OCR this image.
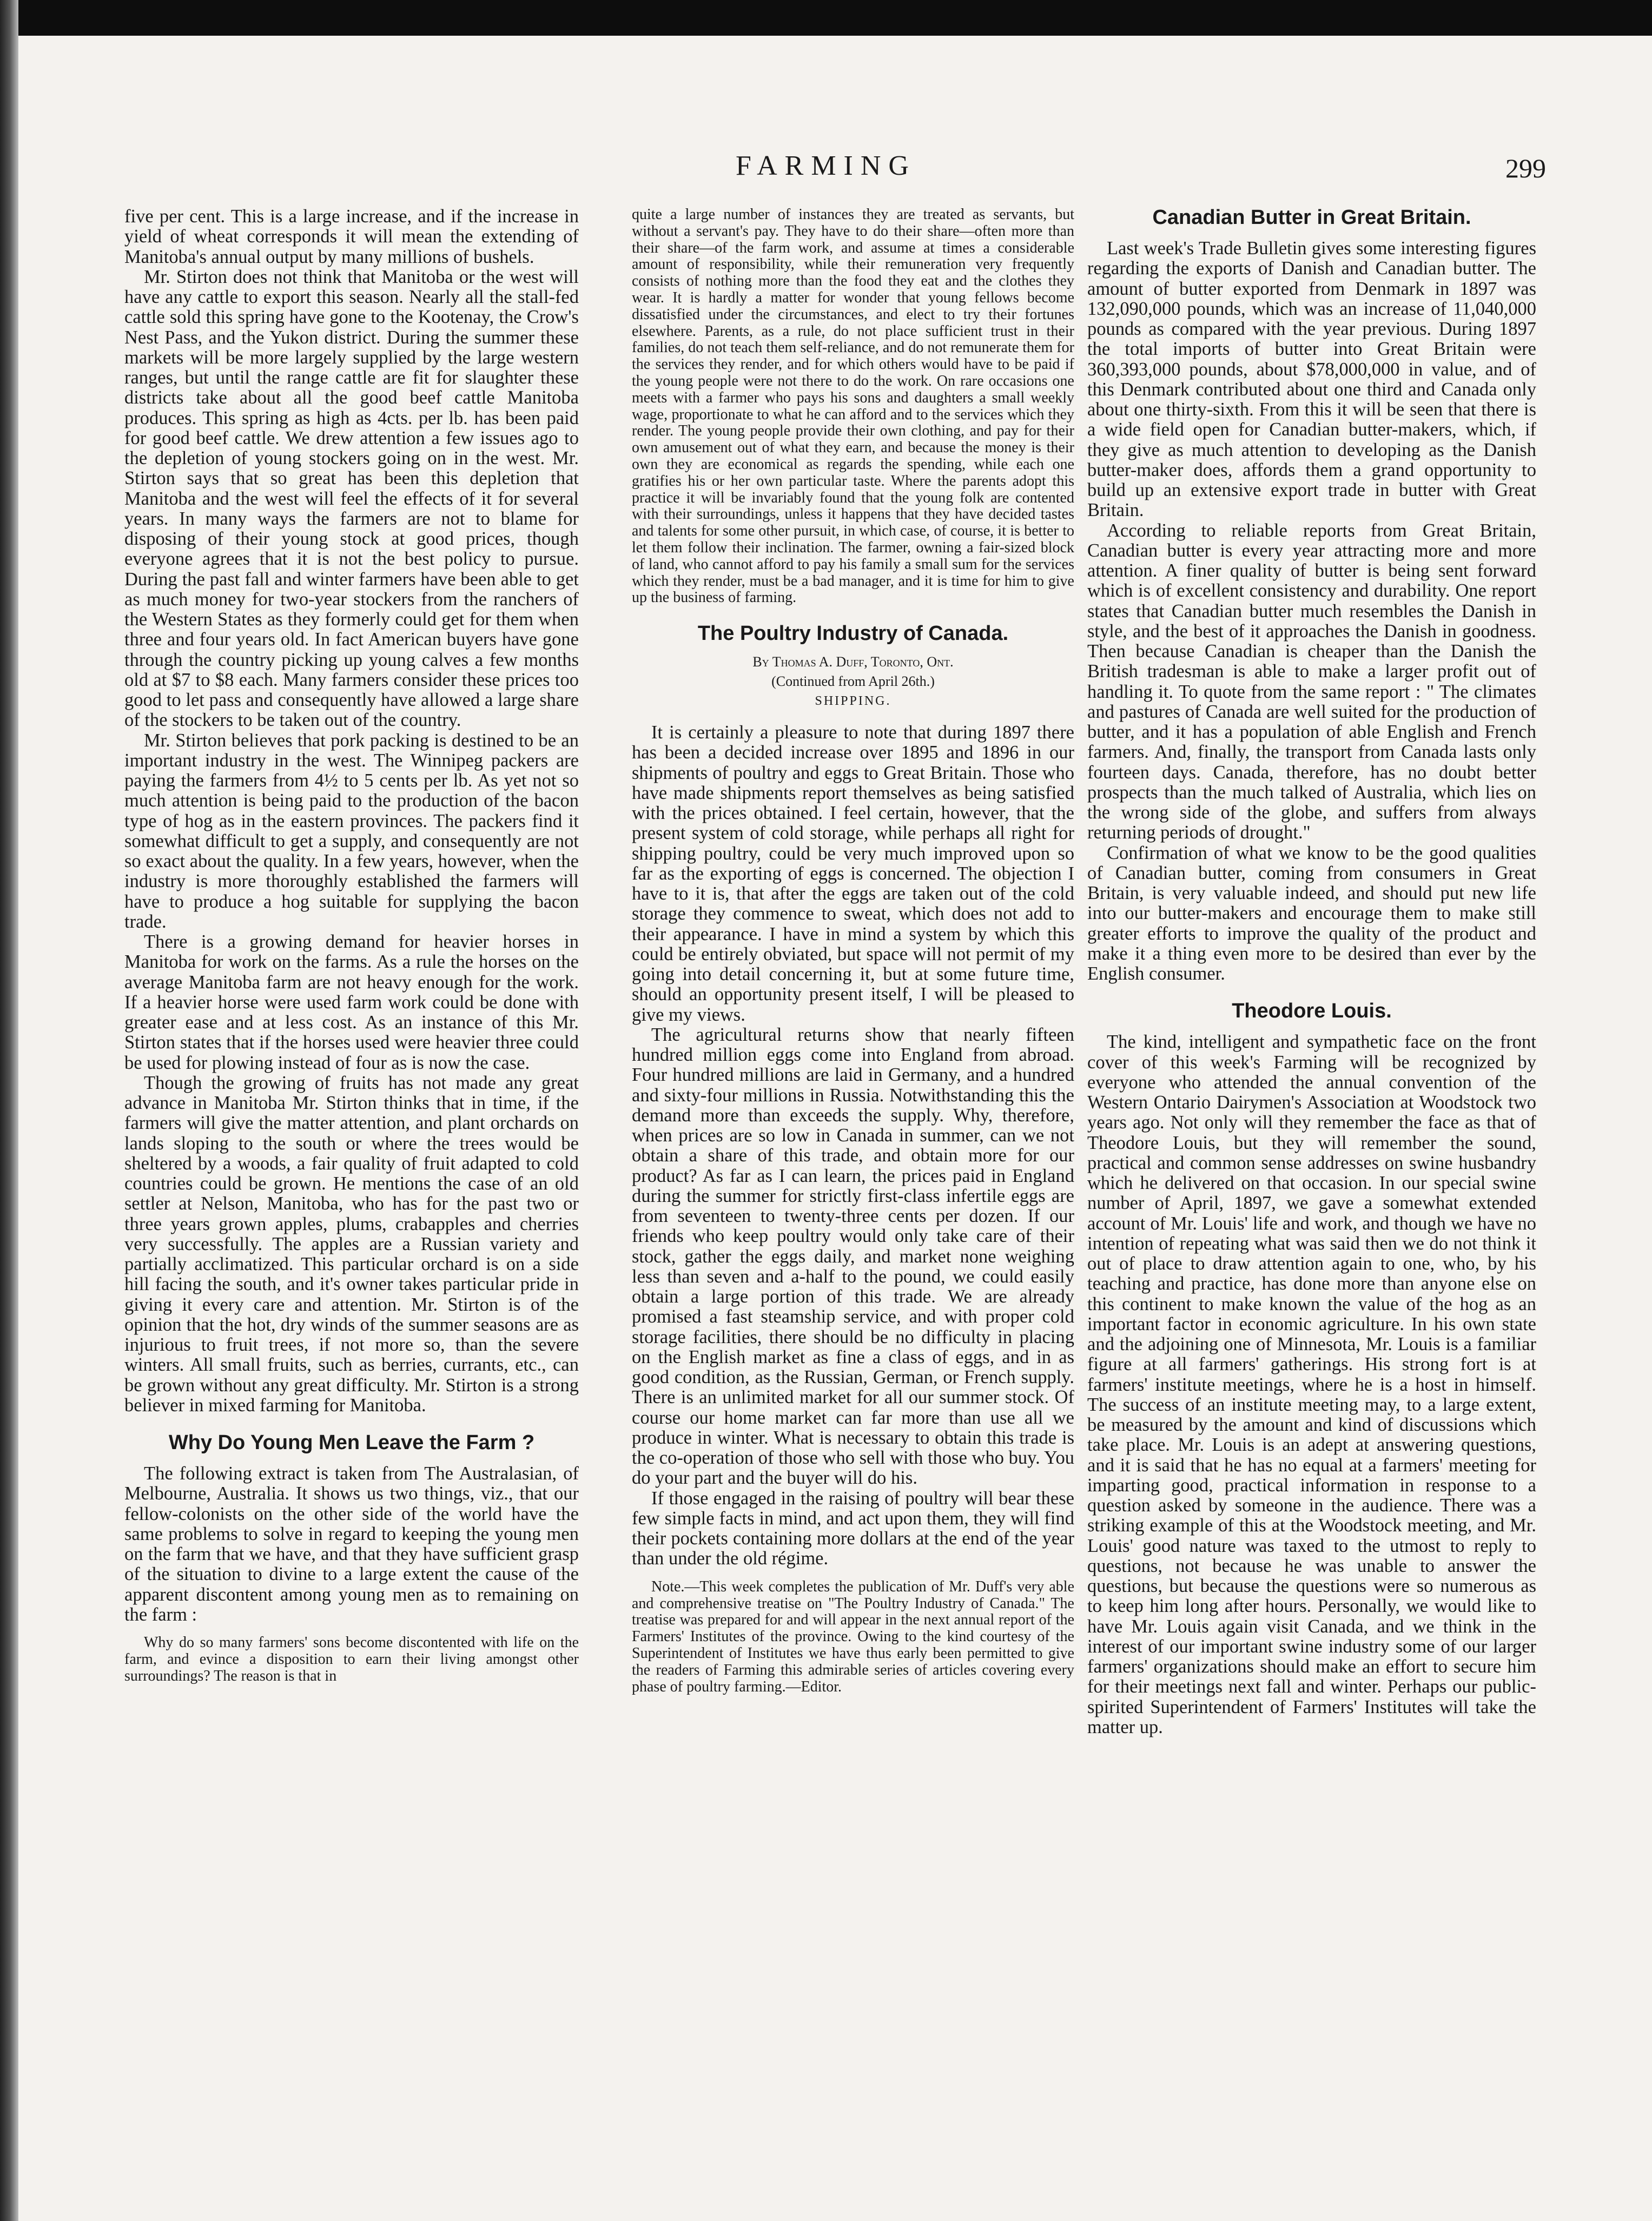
FARMING	299

five per cent. This is a large increase, and if the increase in yield of wheat corresponds it will mean the extending of Manitoba's annual output by many millions of bushels.

Mr. Stirton does not think that Manitoba or the west will have any cattle to export this season. Nearly all the stall-fed cattle sold this spring have gone to the Kootenay, the Crow's Nest Pass, and the Yukon district. During the summer these markets will be more largely supplied by the large western ranges, but until the range cattle are fit for slaughter these districts take about all the good beef cattle Manitoba produces. This spring as high as 4cts. per lb. has been paid for good beef cattle. We drew attention a few issues ago to the depletion of young stockers going on in the west. Mr. Stirton says that so great has been this depletion that Manitoba and the west will feel the effects of it for several years. In many ways the farmers are not to blame for disposing of their young stock at good prices, though everyone agrees that it is not the best policy to pursue. During the past fall and winter farmers have been able to get as much money for two-year stockers from the ranchers of the Western States as they formerly could get for them when three and four years old. In fact American buyers have gone through the country picking up young calves a few months old at $7 to $8 each. Many farmers consider these prices too good to let pass and consequently have allowed a large share of the stockers to be taken out of the country.

Mr. Stirton believes that pork packing is destined to be an important industry in the west. The Winnipeg packers are paying the farmers from 4½ to 5 cents per lb. As yet not so much attention is being paid to the production of the bacon type of hog as in the eastern provinces. The packers find it somewhat difficult to get a supply, and consequently are not so exact about the quality. In a few years, however, when the industry is more thoroughly established the farmers will have to produce a hog suitable for supplying the bacon trade.

There is a growing demand for heavier horses in Manitoba for work on the farms. As a rule the horses on the average Manitoba farm are not heavy enough for the work. If a heavier horse were used farm work could be done with greater ease and at less cost. As an instance of this Mr. Stirton states that if the horses used were heavier three could be used for plowing instead of four as is now the case.

Though the growing of fruits has not made any great advance in Manitoba Mr. Stirton thinks that in time, if the farmers will give the matter attention, and plant orchards on lands sloping to the south or where the trees would be sheltered by a woods, a fair quality of fruit adapted to cold countries could be grown. He mentions the case of an old settler at Nelson, Manitoba, who has for the past two or three years grown apples, plums, crabapples and cherries very successfully. The apples are a Russian variety and partially acclimatized. This particular orchard is on a side hill facing the south, and it's owner takes particular pride in giving it every care and attention. Mr. Stirton is of the opinion that the hot, dry winds of the summer seasons are as injurious to fruit trees, if not more so, than the severe winters. All small fruits, such as berries, currants, etc., can be grown without any great difficulty. Mr. Stirton is a strong believer in mixed farming for Manitoba.

Why Do Young Men Leave the Farm ?

The following extract is taken from The Australasian, of Melbourne, Australia. It shows us two things, viz., that our fellow-colonists on the other side of the world have the same problems to solve in regard to keeping the young men on the farm that we have, and that they have sufficient grasp of the situation to divine to a large extent the cause of the apparent discontent among young men as to remaining on the farm :

Why do so many farmers' sons become discontented with life on the farm, and evince a disposition to earn their living amongst other surroundings? The reason is that in

quite a large number of instances they are treated as servants, but without a servant's pay. They have to do their share—often more than their share—of the farm work, and assume at times a considerable amount of responsibility, while their remuneration very frequently consists of nothing more than the food they eat and the clothes they wear. It is hardly a matter for wonder that young fellows become dissatisfied under the circumstances, and elect to try their fortunes elsewhere. Parents, as a rule, do not place sufficient trust in their families, do not teach them self-reliance, and do not remunerate them for the services they render, and for which others would have to be paid if the young people were not there to do the work. On rare occasions one meets with a farmer who pays his sons and daughters a small weekly wage, proportionate to what he can afford and to the services which they render. The young people provide their own clothing, and pay for their own amusement out of what they earn, and because the money is their own they are economical as regards the spending, while each one gratifies his or her own particular taste. Where the parents adopt this practice it will be invariably found that the young folk are contented with their surroundings, unless it happens that they have decided tastes and talents for some other pursuit, in which case, of course, it is better to let them follow their inclination. The farmer, owning a fair-sized block of land, who cannot afford to pay his family a small sum for the services which they render, must be a bad manager, and it is time for him to give up the business of farming.

The Poultry Industry of Canada.
By Thomas A. Duff, Toronto, Ont.
(Continued from April 26th.)
SHIPPING.

It is certainly a pleasure to note that during 1897 there has been a decided increase over 1895 and 1896 in our shipments of poultry and eggs to Great Britain. Those who have made shipments report themselves as being satisfied with the prices obtained. I feel certain, however, that the present system of cold storage, while perhaps all right for shipping poultry, could be very much improved upon so far as the exporting of eggs is concerned. The objection I have to it is, that after the eggs are taken out of the cold storage they commence to sweat, which does not add to their appearance. I have in mind a system by which this could be entirely obviated, but space will not permit of my going into detail concerning it, but at some future time, should an opportunity present itself, I will be pleased to give my views.

The agricultural returns show that nearly fifteen hundred million eggs come into England from abroad. Four hundred millions are laid in Germany, and a hundred and sixty-four millions in Russia. Notwithstanding this the demand more than exceeds the supply. Why, therefore, when prices are so low in Canada in summer, can we not obtain a share of this trade, and obtain more for our product? As far as I can learn, the prices paid in England during the summer for strictly first-class infertile eggs are from seventeen to twenty-three cents per dozen. If our friends who keep poultry would only take care of their stock, gather the eggs daily, and market none weighing less than seven and a-half to the pound, we could easily obtain a large portion of this trade. We are already promised a fast steamship service, and with proper cold storage facilities, there should be no difficulty in placing on the English market as fine a class of eggs, and in as good condition, as the Russian, German, or French supply. There is an unlimited market for all our summer stock. Of course our home market can far more than use all we produce in winter. What is necessary to obtain this trade is the co-operation of those who sell with those who buy. You do your part and the buyer will do his.

If those engaged in the raising of poultry will bear these few simple facts in mind, and act upon them, they will find their pockets containing more dollars at the end of the year than under the old régime.

Note.—This week completes the publication of Mr. Duff's very able and comprehensive treatise on "The Poultry Industry of Canada." The treatise was prepared for and will appear in the next annual report of the Farmers' Institutes of the province. Owing to the kind courtesy of the Superintendent of Institutes we have thus early been permitted to give the readers of Farming this admirable series of articles covering every phase of poultry farming.—Editor.

Canadian Butter in Great Britain.

Last week's Trade Bulletin gives some interesting figures regarding the exports of Danish and Canadian butter. The amount of butter exported from Denmark in 1897 was 132,090,000 pounds, which was an increase of 11,040,000 pounds as compared with the year previous. During 1897 the total imports of butter into Great Britain were 360,393,000 pounds, about $78,000,000 in value, and of this Denmark contributed about one third and Canada only about one thirty-sixth. From this it will be seen that there is a wide field open for Canadian butter-makers, which, if they give as much attention to developing as the Danish butter-maker does, affords them a grand opportunity to build up an extensive export trade in butter with Great Britain.

According to reliable reports from Great Britain, Canadian butter is every year attracting more and more attention. A finer quality of butter is being sent forward which is of excellent consistency and durability. One report states that Canadian butter much resembles the Danish in style, and the best of it approaches the Danish in goodness. Then because Canadian is cheaper than the Danish the British tradesman is able to make a larger profit out of handling it. To quote from the same report : " The climates and pastures of Canada are well suited for the production of butter, and it has a population of able English and French farmers. And, finally, the transport from Canada lasts only fourteen days. Canada, therefore, has no doubt better prospects than the much talked of Australia, which lies on the wrong side of the globe, and suffers from always returning periods of drought."

Confirmation of what we know to be the good qualities of Canadian butter, coming from consumers in Great Britain, is very valuable indeed, and should put new life into our butter-makers and encourage them to make still greater efforts to improve the quality of the product and make it a thing even more to be desired than ever by the English consumer.

Theodore Louis.

The kind, intelligent and sympathetic face on the front cover of this week's Farming will be recognized by everyone who attended the annual convention of the Western Ontario Dairymen's Association at Woodstock two years ago. Not only will they remember the face as that of Theodore Louis, but they will remember the sound, practical and common sense addresses on swine husbandry which he delivered on that occasion. In our special swine number of April, 1897, we gave a somewhat extended account of Mr. Louis' life and work, and though we have no intention of repeating what was said then we do not think it out of place to draw attention again to one, who, by his teaching and practice, has done more than anyone else on this continent to make known the value of the hog as an important factor in economic agriculture. In his own state and the adjoining one of Minnesota, Mr. Louis is a familiar figure at all farmers' gatherings. His strong fort is at farmers' institute meetings, where he is a host in himself. The success of an institute meeting may, to a large extent, be measured by the amount and kind of discussions which take place. Mr. Louis is an adept at answering questions, and it is said that he has no equal at a farmers' meeting for imparting good, practical information in response to a question asked by someone in the audience. There was a striking example of this at the Woodstock meeting, and Mr. Louis' good nature was taxed to the utmost to reply to questions, not because he was unable to answer the questions, but because the questions were so numerous as to keep him long after hours. Personally, we would like to have Mr. Louis again visit Canada, and we think in the interest of our important swine industry some of our larger farmers' organizations should make an effort to secure him for their meetings next fall and winter. Perhaps our public-spirited Superintendent of Farmers' Institutes will take the matter up.
